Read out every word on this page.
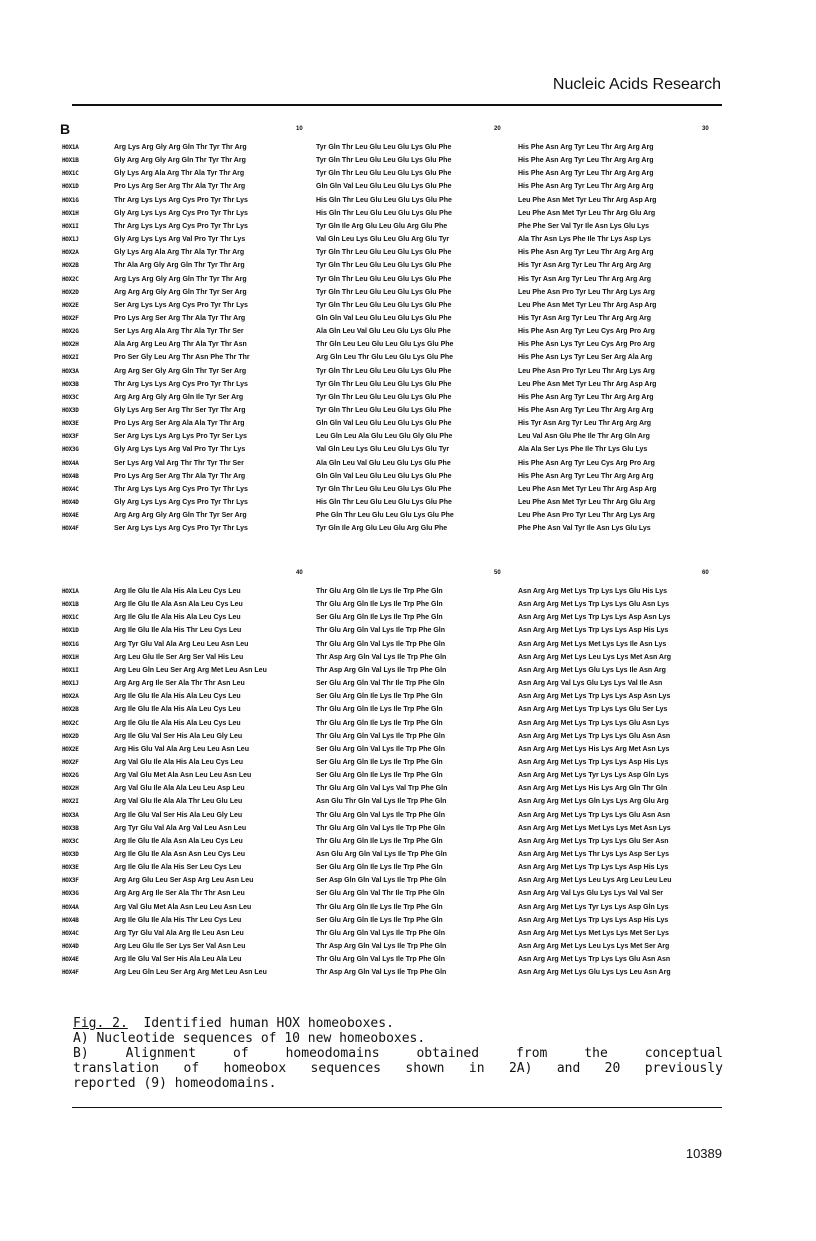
Nucleic Acids Research
B	10	20	30
HOX1A	Arg Lys Arg Gly Arg Gln Thr Tyr Thr Arg	Tyr Gln Thr Leu Glu Leu Glu Lys Glu Phe	His Phe Asn Arg Tyr Leu Thr Arg Arg Arg
HOX1B	Gly Arg Arg Gly Arg Gln Thr Tyr Thr Arg	Tyr Gln Thr Leu Glu Leu Glu Lys Glu Phe	His Phe Asn Arg Tyr Leu Thr Arg Arg Arg
HOX1C	Gly Lys Arg Ala Arg Thr Ala Tyr Thr Arg	Tyr Gln Thr Leu Glu Leu Glu Lys Glu Phe	His Phe Asn Arg Tyr Leu Thr Arg Arg Arg
HOX1D	Pro Lys Arg Ser Arg Thr Ala Tyr Thr Arg	Gln Gln Val Leu Glu Leu Glu Lys Glu Phe	His Phe Asn Arg Tyr Leu Thr Arg Arg Arg
HOX1G	Thr Arg Lys Lys Arg Cys Pro Tyr Thr Lys	His Gln Thr Leu Glu Leu Glu Lys Glu Phe	Leu Phe Asn Met Tyr Leu Thr Arg Asp Arg
HOX1H	Gly Arg Lys Lys Arg Cys Pro Tyr Thr Lys	His Gln Thr Leu Glu Leu Glu Lys Glu Phe	Leu Phe Asn Met Tyr Leu Thr Arg Glu Arg
HOX1I	Thr Arg Lys Lys Arg Cys Pro Tyr Thr Lys	Tyr Gln Ile Arg Glu Leu Glu Arg Glu Phe	Phe Phe Ser Val Tyr Ile Asn Lys Glu Lys
HOX1J	Gly Arg Lys Lys Arg Val Pro Tyr Thr Lys	Val Gln Leu Lys Glu Leu Glu Arg Glu Tyr	Ala Thr Asn Lys Phe Ile Thr Lys Asp Lys
HOX2A	Gly Lys Arg Ala Arg Thr Ala Tyr Thr Arg	Tyr Gln Thr Leu Glu Leu Glu Lys Glu Phe	His Phe Asn Arg Tyr Leu Thr Arg Arg Arg
HOX2B	Thr Ala Arg Gly Arg Gln Thr Tyr Thr Arg	Tyr Gln Thr Leu Glu Leu Glu Lys Glu Phe	His Tyr Asn Arg Tyr Leu Thr Arg Arg Arg
HOX2C	Arg Lys Arg Gly Arg Gln Thr Tyr Thr Arg	Tyr Gln Thr Leu Glu Leu Glu Lys Glu Phe	His Tyr Asn Arg Tyr Leu Thr Arg Arg Arg
HOX2D	Arg Arg Arg Gly Arg Gln Thr Tyr Ser Arg	Tyr Gln Thr Leu Glu Leu Glu Lys Glu Phe	Leu Phe Asn Pro Tyr Leu Thr Arg Lys Arg
HOX2E	Ser Arg Lys Lys Arg Cys Pro Tyr Thr Lys	Tyr Gln Thr Leu Glu Leu Glu Lys Glu Phe	Leu Phe Asn Met Tyr Leu Thr Arg Asp Arg
HOX2F	Pro Lys Arg Ser Arg Thr Ala Tyr Thr Arg	Gln Gln Val Leu Glu Leu Glu Lys Glu Phe	His Tyr Asn Arg Tyr Leu Thr Arg Arg Arg
HOX2G	Ser Lys Arg Ala Arg Thr Ala Tyr Thr Ser	Ala Gln Leu Val Glu Leu Glu Lys Glu Phe	His Phe Asn Arg Tyr Leu Cys Arg Pro Arg
HOX2H	Ala Arg Arg Leu Arg Thr Ala Tyr Thr Asn	Thr Gln Leu Leu Glu Leu Glu Lys Glu Phe	His Phe Asn Lys Tyr Leu Cys Arg Pro Arg
HOX2I	Pro Ser Gly Leu Arg Thr Asn Phe Thr Thr	Arg Gln Leu Thr Glu Leu Glu Lys Glu Phe	His Phe Asn Lys Tyr Leu Ser Arg Ala Arg
HOX3A	Arg Arg Ser Gly Arg Gln Thr Tyr Ser Arg	Tyr Gln Thr Leu Glu Leu Glu Lys Glu Phe	Leu Phe Asn Pro Tyr Leu Thr Arg Lys Arg
HOX3B	Thr Arg Lys Lys Arg Cys Pro Tyr Thr Lys	Tyr Gln Thr Leu Glu Leu Glu Lys Glu Phe	Leu Phe Asn Met Tyr Leu Thr Arg Asp Arg
HOX3C	Arg Arg Arg Gly Arg Gln Ile Tyr Ser Arg	Tyr Gln Thr Leu Glu Leu Glu Lys Glu Phe	His Phe Asn Arg Tyr Leu Thr Arg Arg Arg
HOX3D	Gly Lys Arg Ser Arg Thr Ser Tyr Thr Arg	Tyr Gln Thr Leu Glu Leu Glu Lys Glu Phe	His Phe Asn Arg Tyr Leu Thr Arg Arg Arg
HOX3E	Pro Lys Arg Ser Arg Ala Ala Tyr Thr Arg	Gln Gln Val Leu Glu Leu Glu Lys Glu Phe	His Tyr Asn Arg Tyr Leu Thr Arg Arg Arg
HOX3F	Ser Arg Lys Lys Arg Lys Pro Tyr Ser Lys	Leu Gln Leu Ala Glu Leu Glu Gly Glu Phe	Leu Val Asn Glu Phe Ile Thr Arg Gln Arg
HOX3G	Gly Arg Lys Lys Arg Val Pro Tyr Thr Lys	Val Gln Leu Lys Glu Leu Glu Lys Glu Tyr	Ala Ala Ser Lys Phe Ile Thr Lys Glu Lys
HOX4A	Ser Lys Arg Val Arg Thr Thr Tyr Thr Ser	Ala Gln Leu Val Glu Leu Glu Lys Glu Phe	His Phe Asn Arg Tyr Leu Cys Arg Pro Arg
HOX4B	Pro Lys Arg Ser Arg Thr Ala Tyr Thr Arg	Gln Gln Val Leu Glu Leu Glu Lys Glu Phe	His Phe Asn Arg Tyr Leu Thr Arg Arg Arg
HOX4C	Thr Arg Lys Lys Arg Cys Pro Tyr Thr Lys	Tyr Gln Thr Leu Glu Leu Glu Lys Glu Phe	Leu Phe Asn Met Tyr Leu Thr Arg Asp Arg
HOX4D	Gly Arg Lys Lys Arg Cys Pro Tyr Thr Lys	His Gln Thr Leu Glu Leu Glu Lys Glu Phe	Leu Phe Asn Met Tyr Leu Thr Arg Glu Arg
HOX4E	Arg Arg Arg Gly Arg Gln Thr Tyr Ser Arg	Phe Gln Thr Leu Glu Leu Glu Lys Glu Phe	Leu Phe Asn Pro Tyr Leu Thr Arg Lys Arg
HOX4F	Ser Arg Lys Lys Arg Cys Pro Tyr Thr Lys	Tyr Gln Ile Arg Glu Leu Glu Arg Glu Phe	Phe Phe Asn Val Tyr Ile Asn Lys Glu Lys
40	50	60
HOX1A	Arg Ile Glu Ile Ala His Ala Leu Cys Leu	Thr Glu Arg Gln Ile Lys Ile Trp Phe Gln	Asn Arg Arg Met Lys Trp Lys Lys Glu His Lys
HOX1B	Arg Ile Glu Ile Ala Asn Ala Leu Cys Leu	Thr Glu Arg Gln Ile Lys Ile Trp Phe Gln	Asn Arg Arg Met Lys Trp Lys Lys Glu Asn Lys
HOX1C	Arg Ile Glu Ile Ala His Ala Leu Cys Leu	Ser Glu Arg Gln Ile Lys Ile Trp Phe Gln	Asn Arg Arg Met Lys Trp Lys Lys Asp Asn Lys
HOX1D	Arg Ile Glu Ile Ala His Thr Leu Cys Leu	Thr Glu Arg Gln Val Lys Ile Trp Phe Gln	Asn Arg Arg Met Lys Trp Lys Lys Asp His Lys
HOX1G	Arg Tyr Glu Val Ala Arg Leu Leu Asn Leu	Thr Glu Arg Gln Val Lys Ile Trp Phe Gln	Asn Arg Arg Met Lys Met Lys Lys Ile Asn Lys
HOX1H	Arg Leu Glu Ile Ser Arg Ser Val His Leu	Thr Asp Arg Gln Val Lys Ile Trp Phe Gln	Asn Arg Arg Met Lys Leu Lys Lys Met Asn Arg
HOX1I	Arg Leu Gln Leu Ser Arg Arg Met Leu Asn Leu	Thr Asp Arg Gln Val Lys Ile Trp Phe Gln	Asn Arg Arg Met Lys Glu Lys Lys Ile Asn Arg
HOX1J	Arg Arg Arg Ile Ser Ala Thr Thr Asn Leu	Ser Glu Arg Gln Val Thr Ile Trp Phe Gln	Asn Arg Arg Val Lys Glu Lys Lys Val Ile Asn
HOX2A	Arg Ile Glu Ile Ala His Ala Leu Cys Leu	Ser Glu Arg Gln Ile Lys Ile Trp Phe Gln	Asn Arg Arg Met Lys Trp Lys Lys Asp Asn Lys
HOX2B	Arg Ile Glu Ile Ala His Ala Leu Cys Leu	Thr Glu Arg Gln Ile Lys Ile Trp Phe Gln	Asn Arg Arg Met Lys Trp Lys Lys Glu Ser Lys
HOX2C	Arg Ile Glu Ile Ala His Ala Leu Cys Leu	Thr Glu Arg Gln Ile Lys Ile Trp Phe Gln	Asn Arg Arg Met Lys Trp Lys Lys Glu Asn Lys
HOX2D	Arg Ile Glu Val Ser His Ala Leu Gly Leu	Thr Glu Arg Gln Val Lys Ile Trp Phe Gln	Asn Arg Arg Met Lys Trp Lys Lys Glu Asn Asn
HOX2E	Arg His Glu Val Ala Arg Leu Leu Asn Leu	Ser Glu Arg Gln Val Lys Ile Trp Phe Gln	Asn Arg Arg Met Lys His Lys Arg Met Asn Lys
HOX2F	Arg Val Glu Ile Ala His Ala Leu Cys Leu	Ser Glu Arg Gln Ile Lys Ile Trp Phe Gln	Asn Arg Arg Met Lys Trp Lys Lys Asp His Lys
HOX2G	Arg Val Glu Met Ala Asn Leu Leu Asn Leu	Ser Glu Arg Gln Ile Lys Ile Trp Phe Gln	Asn Arg Arg Met Lys Tyr Lys Lys Asp Gln Lys
HOX2H	Arg Val Glu Ile Ala Ala Leu Leu Asp Leu	Thr Glu Arg Gln Val Lys Val Trp Phe Gln	Asn Arg Arg Met Lys His Lys Arg Gln Thr Gln
HOX2I	Arg Val Glu Ile Ala Ala Thr Leu Glu Leu	Asn Glu Thr Gln Val Lys Ile Trp Phe Gln	Asn Arg Arg Met Lys Gln Lys Lys Arg Glu Arg
HOX3A	Arg Ile Glu Val Ser His Ala Leu Gly Leu	Thr Glu Arg Gln Val Lys Ile Trp Phe Gln	Asn Arg Arg Met Lys Trp Lys Lys Glu Asn Asn
HOX3B	Arg Tyr Glu Val Ala Arg Val Leu Asn Leu	Thr Glu Arg Gln Val Lys Ile Trp Phe Gln	Asn Arg Arg Met Lys Met Lys Lys Met Asn Lys
HOX3C	Arg Ile Glu Ile Ala Asn Ala Leu Cys Leu	Thr Glu Arg Gln Ile Lys Ile Trp Phe Gln	Asn Arg Arg Met Lys Trp Lys Lys Glu Ser Asn
HOX3D	Arg Ile Glu Ile Ala Asn Asn Leu Cys Leu	Asn Glu Arg Gln Val Lys Ile Trp Phe Gln	Asn Arg Arg Met Lys Thr Lys Lys Asp Ser Lys
HOX3E	Arg Ile Glu Ile Ala His Ser Leu Cys Leu	Ser Glu Arg Gln Ile Lys Ile Trp Phe Gln	Asn Arg Arg Met Lys Trp Lys Lys Asp His Lys
HOX3F	Arg Arg Glu Leu Ser Asp Arg Leu Asn Leu	Ser Asp Gln Gln Val Lys Ile Trp Phe Gln	Asn Arg Arg Met Lys Leu Lys Arg Leu Leu Leu
HOX3G	Arg Arg Arg Ile Ser Ala Thr Thr Asn Leu	Ser Glu Arg Gln Val Thr Ile Trp Phe Gln	Asn Arg Arg Val Lys Glu Lys Lys Val Val Ser
HOX4A	Arg Val Glu Met Ala Asn Leu Leu Asn Leu	Thr Glu Arg Gln Ile Lys Ile Trp Phe Gln	Asn Arg Arg Met Lys Tyr Lys Lys Asp Gln Lys
HOX4B	Arg Ile Glu Ile Ala His Thr Leu Cys Leu	Ser Glu Arg Gln Ile Lys Ile Trp Phe Gln	Asn Arg Arg Met Lys Trp Lys Lys Asp His Lys
HOX4C	Arg Tyr Glu Val Ala Arg Ile Leu Asn Leu	Thr Glu Arg Gln Val Lys Ile Trp Phe Gln	Asn Arg Arg Met Lys Met Lys Lys Met Ser Lys
HOX4D	Arg Leu Glu Ile Ser Lys Ser Val Asn Leu	Thr Asp Arg Gln Val Lys Ile Trp Phe Gln	Asn Arg Arg Met Lys Leu Lys Lys Met Ser Arg
HOX4E	Arg Ile Glu Val Ser His Ala Leu Ala Leu	Thr Glu Arg Gln Val Lys Ile Trp Phe Gln	Asn Arg Arg Met Lys Trp Lys Lys Glu Asn Asn
HOX4F	Arg Leu Gln Leu Ser Arg Arg Met Leu Asn Leu	Thr Asp Arg Gln Val Lys Ile Trp Phe Gln	Asn Arg Arg Met Lys Glu Lys Lys Leu Asn Arg
Fig. 2. Identified human HOX homeoboxes.
A) Nucleotide sequences of 10 new homeoboxes.
B) Alignment of homeodomains obtained from the conceptual
translation of homeobox sequences shown in 2A) and 20 previously
reported (9) homeodomains.
10389
